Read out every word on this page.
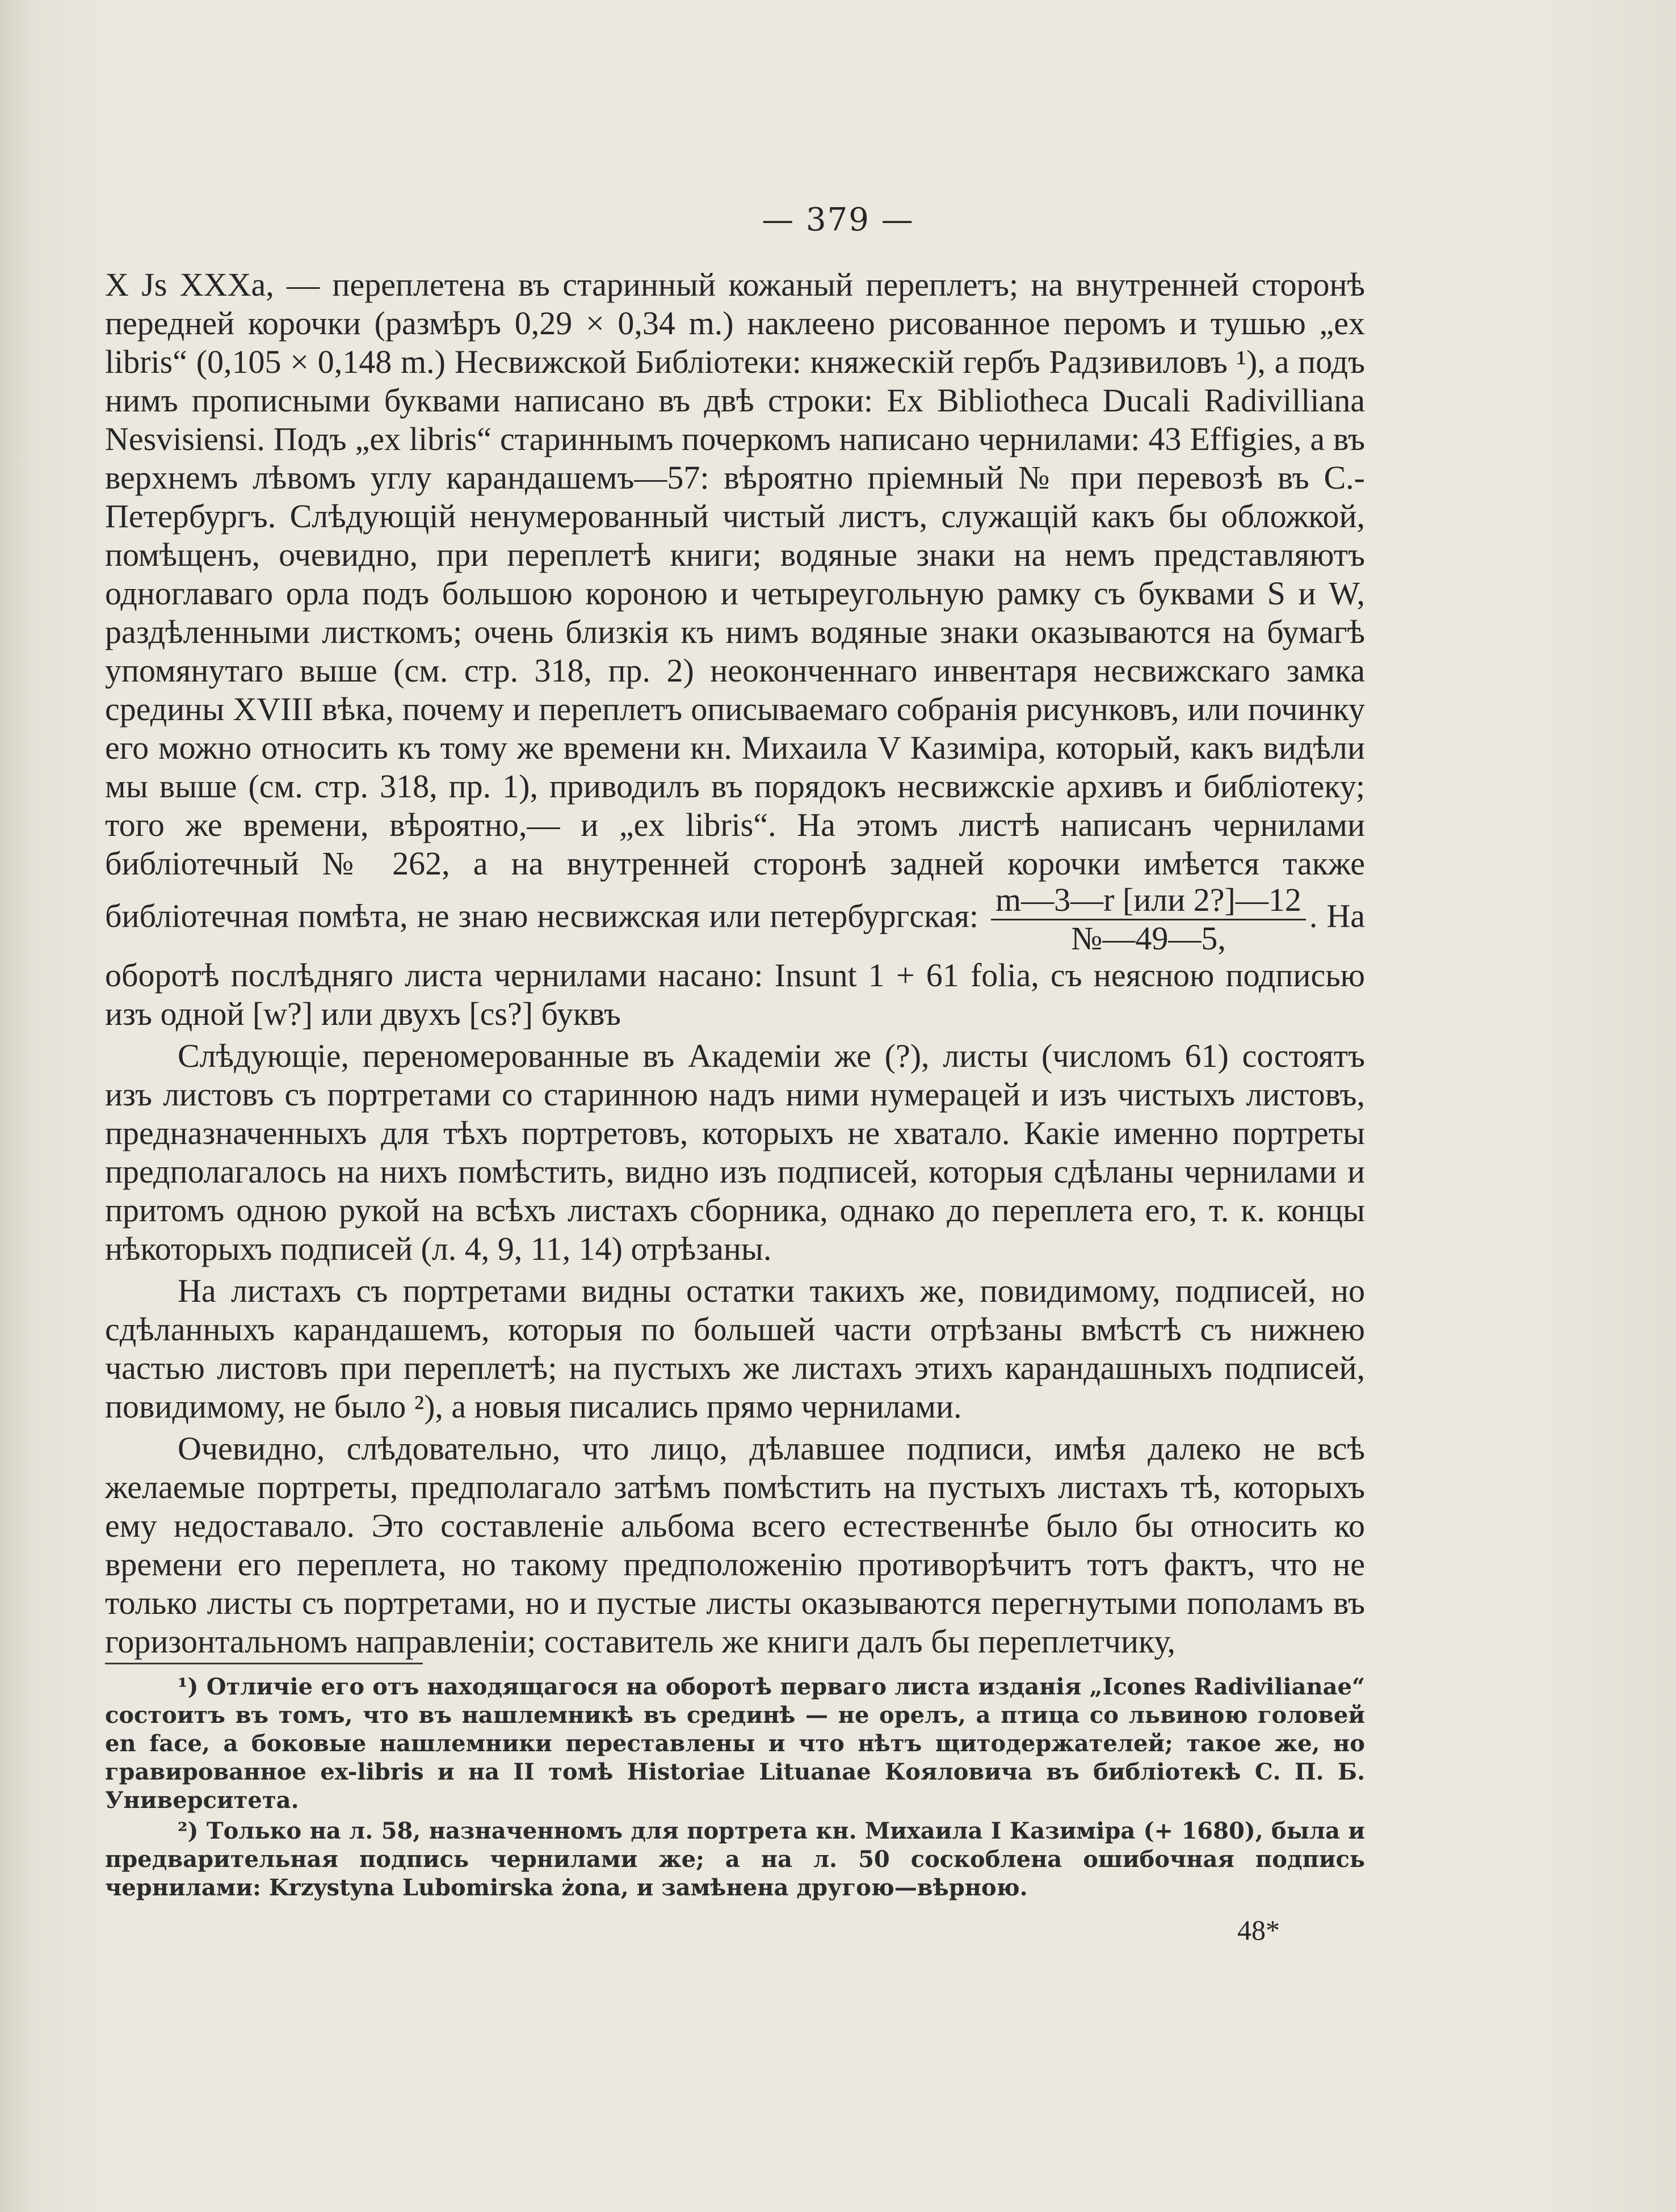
— 379 —

X Js XXXa, — переплетена въ старинный кожаный переплетъ; на внутренней сторонѣ передней корочки (размѣръ 0,29 × 0,34 m.) наклеено рисованное перомъ и тушью „ex libris“ (0,105 × 0,148 m.) Несвижской Библіотеки: княжескій гербъ Радзивиловъ ¹), а подъ нимъ прописными буквами написано въ двѣ строки: Ex Bibliotheca Ducali Radivilliana Nesvisiensi. Подъ „ex libris“ стариннымъ почеркомъ написано чернилами: 43 Effigies, а въ верхнемъ лѣвомъ углу карандашемъ—57: вѣроятно пріемный № при перевозѣ въ С.-Петербургъ. Слѣдующій ненумерованный чистый листъ, служащій какъ бы обложкой, помѣщенъ, очевидно, при переплетѣ книги; водяные знаки на немъ представляютъ одноглаваго орла подъ большою короною и четыреугольную рамку съ буквами S и W, раздѣленными листкомъ; очень близкія къ нимъ водяные знаки оказываются на бумагѣ упомянутаго выше (см. стр. 318, пр. 2) неоконченнаго инвентаря несвижскаго замка средины XVIII вѣка, почему и переплетъ описываемаго собранія рисунковъ, или починку его можно относить къ тому же времени кн. Михаила V Казиміра, который, какъ видѣли мы выше (см. стр. 318, пр. 1), приводилъ въ порядокъ несвижскіе архивъ и библіотеку; того же времени, вѣроятно,— и „ex libris“. На этомъ листѣ написанъ чернилами библіотечный № 262, а на внутренней сторонѣ задней корочки имѣется также библіотечная помѣта, не знаю несвижская или петербургская: $\frac{\text{m—3—r [или 2?]—12}}{№—49—5,}$ . На оборотѣ послѣдняго листа чернилами насано: Insunt 1 + 61 folia, съ неясною подписью изъ одной [w?] или двухъ [cs?] буквъ

Слѣдующіе, переномерованные въ Академіи же (?), листы (числомъ 61) состоятъ изъ листовъ съ портретами со старинною надъ ними нумерацей и изъ чистыхъ листовъ, предназначенныхъ для тѣхъ портретовъ, которыхъ не хватало. Какіе именно портреты предполагалось на нихъ помѣстить, видно изъ подписей, которыя сдѣланы чернилами и притомъ одною рукой на всѣхъ листахъ сборника, однако до переплета его, т. к. концы нѣкоторыхъ подписей (л. 4, 9, 11, 14) отрѣзаны.

На листахъ съ портретами видны остатки такихъ же, повидимому, подписей, но сдѣланныхъ карандашемъ, которыя по большей части отрѣзаны вмѣстѣ съ нижнею частью листовъ при переплетѣ; на пустыхъ же листахъ этихъ карандашныхъ подписей, повидимому, не было ²), а новыя писались прямо чернилами.

Очевидно, слѣдовательно, что лицо, дѣлавшее подписи, имѣя далеко не всѣ желаемые портреты, предполагало затѣмъ помѣстить на пустыхъ листахъ тѣ, которыхъ ему недоставало. Это составленіе альбома всего естественнѣе было бы относить ко времени его переплета, но такому предположенію противорѣчитъ тотъ фактъ, что не только листы съ портретами, но и пустые листы оказываются перегнутыми пополамъ въ горизонтальномъ направленіи; составитель же книги далъ бы переплетчику,

¹) Отличіе его отъ находящагося на оборотѣ перваго листа изданія „Icones Radivilianae“ состоитъ въ томъ, что въ нашлемникѣ въ срединѣ — не орелъ, а птица со львиною головей en face, а боковые нашлемники переставлены и что нѣтъ щитодержателей; такое же, но гравированное ex-libris и на II томѣ Historiae Lituanae Кояловича въ библіотекѣ С. П. Б. Университета.

²) Только на л. 58, назначенномъ для портрета кн. Михаила I Казиміра (+ 1680), была и предварительная подпись чернилами же; а на л. 50 соскоблена ошибочная подпись чернилами: Krzystyna Lubomirska żona, и замѣнена другою—вѣрною.

48*
